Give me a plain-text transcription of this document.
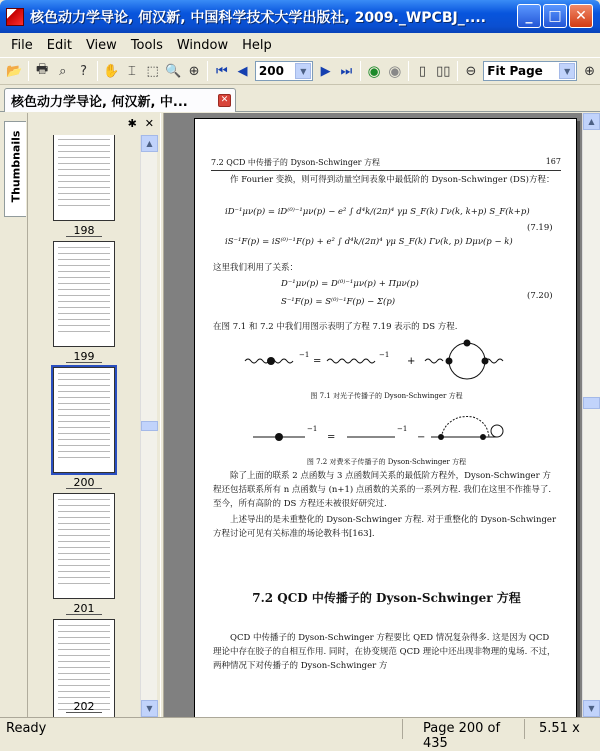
核色动力学导论, 何汉新, 中国科学技术大学出版社, 2009._WPCBJ_....	_ □ ✕
File	Edit	View	Tools	Window	Help
📂 🖶 ⌕	?	✋ ⌶ ⬚ 🔍 ⊕	⏮ ◀ 200	▼	▶ ⏭ ◉ ◉	▯ ▯▯	⊖ Fit Page	▼	⊕
核色动力学导论, 何汉新, 中...	✕
Thumbnails
✱ ✕
198
199
200
201
202
▲
▼
7.2 QCD 中传播子的 Dyson-Schwinger 方程	167
作 Fourier 变换，则可得到动量空间表象中最低阶的 Dyson-Schwinger (DS)方程：
iD⁻¹μν(p) = iD⁽⁰⁾⁻¹μν(p) − e² ∫ d⁴k/(2π)⁴ γμ S_F(k) Γν(k, k+p) S_F(k+p)
iS⁻¹F(p) = iS⁽⁰⁾⁻¹F(p) + e² ∫ d⁴k/(2π)⁴ γμ S_F(k) Γν(k, p) Dμν(p − k)
(7.19)
这里我们利用了关系：
D⁻¹μν(p) = D⁽⁰⁾⁻¹μν(p) + Πμν(p)
S⁻¹F(p) = S⁽⁰⁾⁻¹F(p) − Σ(p)
(7.20)
在图 7.1 和 7.2 中我们用图示表明了方程 7.19 表示的 DS 方程.
−1
=
−1
+
图 7.1 对光子传播子的 Dyson-Schwinger 方程
−1
=
−1
−
图 7.2 对费米子传播子的 Dyson-Schwinger 方程
除了上面的联系 2 点函数与 3 点函数间关系的最低阶方程外，Dyson-Schwinger 方程还包括联系所有 n 点函数与 (n+1) 点函数的关系的一系列方程. 我们在这里不作推导了. 至今，所有高阶的 DS 方程还未被很好研究过.
上述导出的是未重整化的 Dyson-Schwinger 方程. 对于重整化的 Dyson-Schwinger 方程讨论可见有关标准的场论教科书[163].
7.2 QCD 中传播子的 Dyson-Schwinger 方程
QCD 中传播子的 Dyson-Schwinger 方程要比 QED 情况复杂得多. 这是因为 QCD 理论中存在胶子的自相互作用. 同时，在协变规范 QCD 理论中还出现非物理的鬼场. 不过，两种情况下对传播子的 Dyson-Schwinger 方
▲
▼
Ready	Page 200 of 435
5.51 x
